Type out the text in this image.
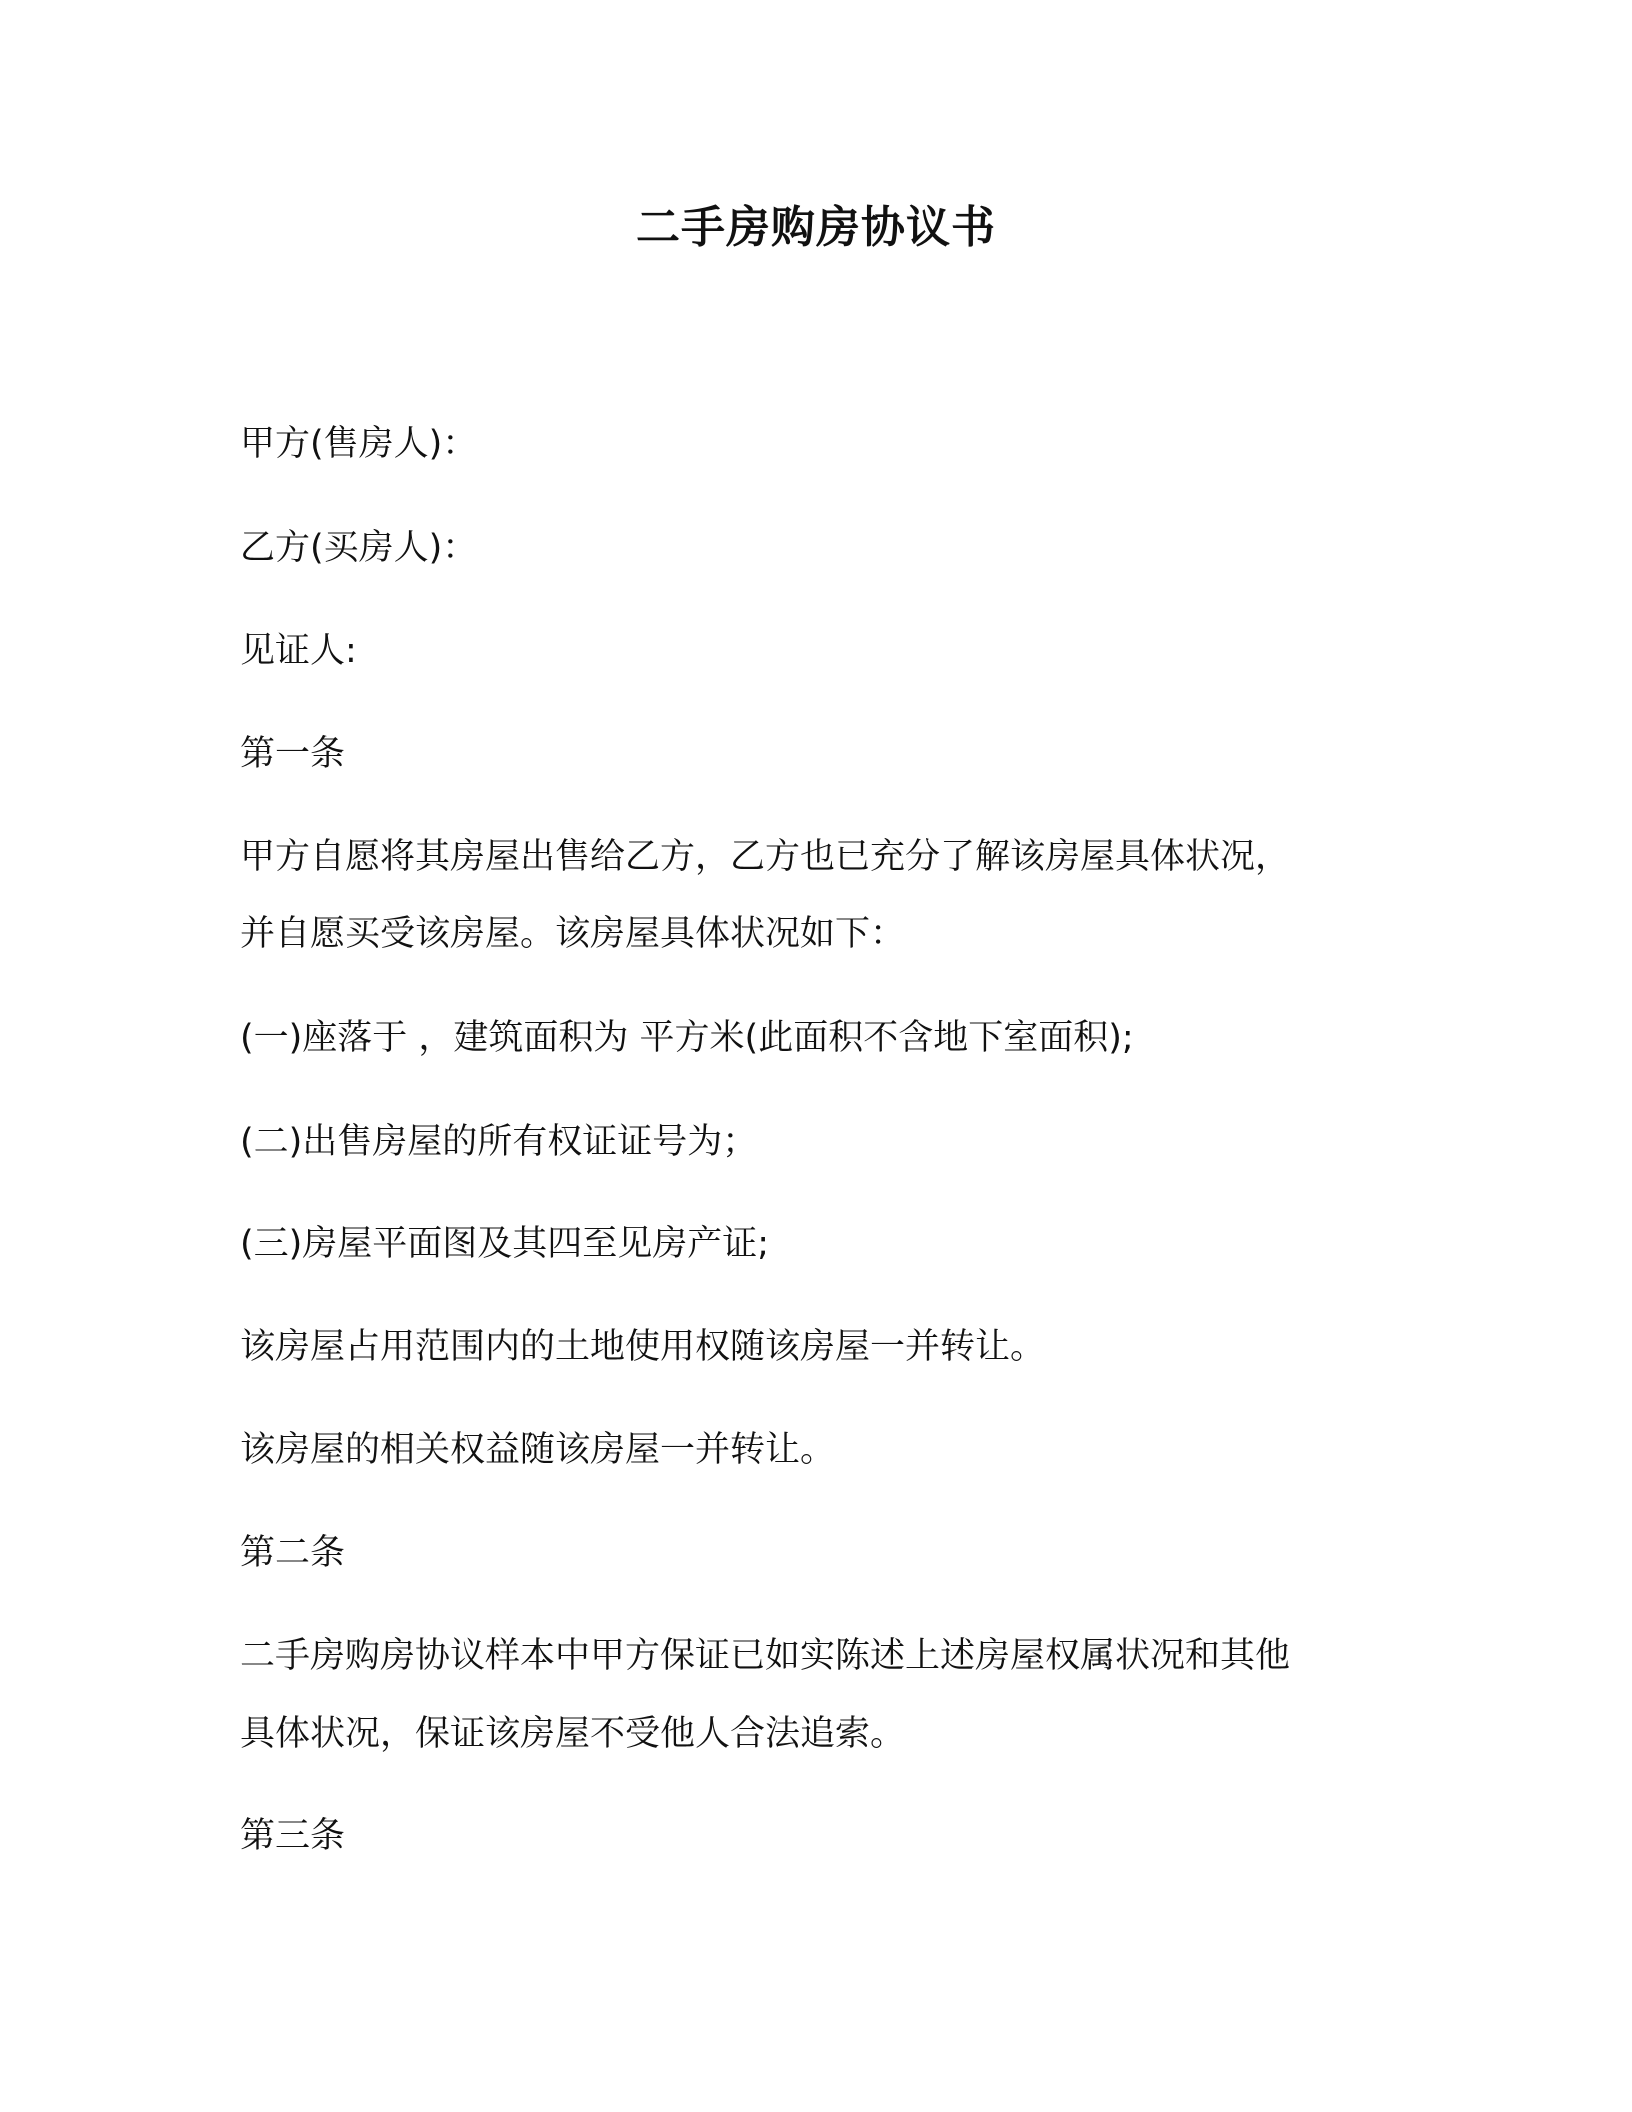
二手房购房协议书
甲方(售房人)：
乙方(买房人)：
见证人:
第一条
甲方自愿将其房屋出售给乙方，乙方也已充分了解该房屋具体状况，
并自愿买受该房屋。该房屋具体状况如下：
(一)座落于 ，建筑面积为 平方米(此面积不含地下室面积);
(二)出售房屋的所有权证证号为；
(三)房屋平面图及其四至见房产证;
该房屋占用范围内的土地使用权随该房屋一并转让。
该房屋的相关权益随该房屋一并转让。
第二条
二手房购房协议样本中甲方保证已如实陈述上述房屋权属状况和其他
具体状况，保证该房屋不受他人合法追索。
第三条
